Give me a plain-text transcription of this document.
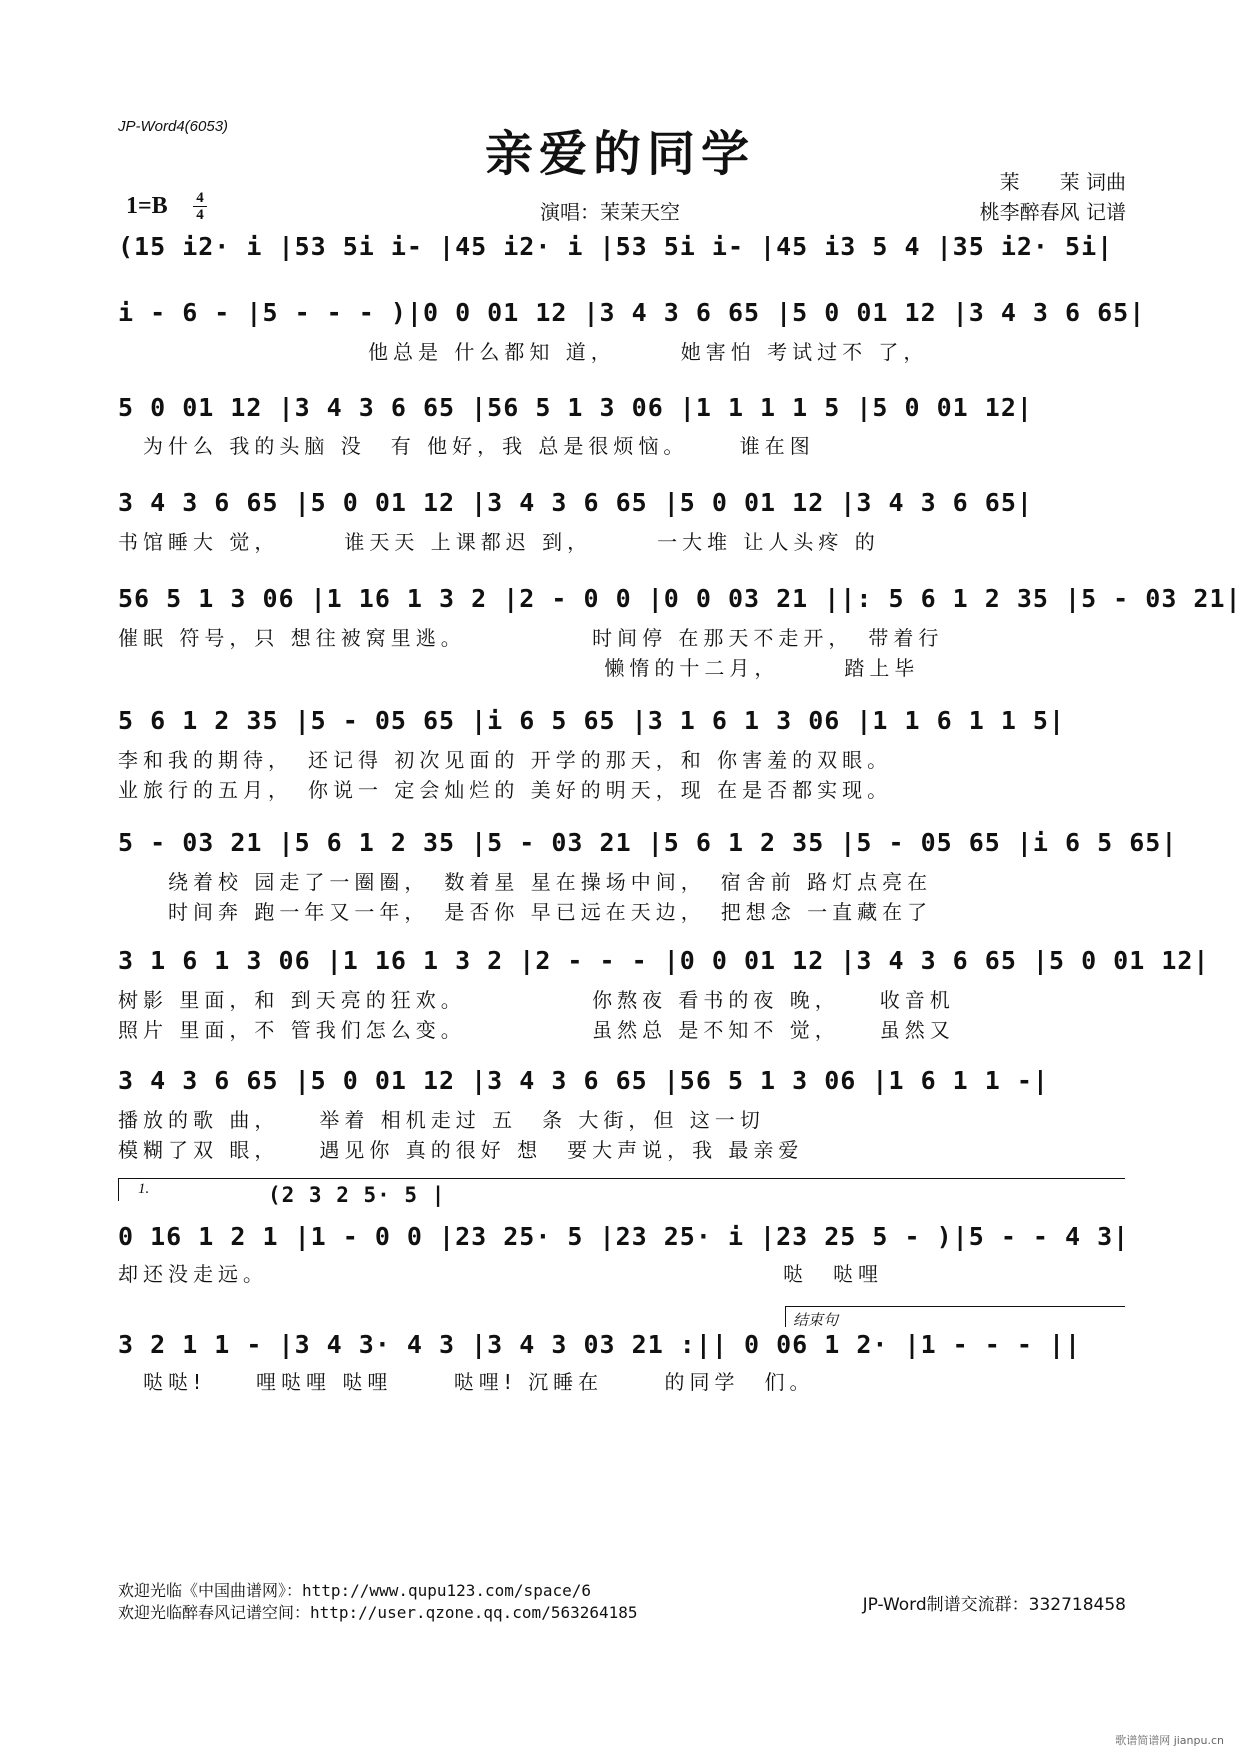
JP-Word4(6053)	亲爱的同学
1=B 4
4	演唱：茉茉天空
茉　　茉 词曲
桃李醉春风 记谱
(15 i2· i |53 5i i- |45 i2· i |53 5i i- |45 i3 5 4 |35 i2· 5i|
i - 6 - |5 - - - )|0 0 01 12 |3 4 3 6 65 |5 0 01 12 |3 4 3 6 65|
　　　　　　　　　　他总是 什么都知 道，　　　她害怕 考试过不 了，
5 0 01 12 |3 4 3 6 65 |56 5 1 3 06 |1 1 1 1 5 |5 0 01 12|
　为什么 我的头脑 没　有 他好，我 总是很烦恼。　　 谁在图
3 4 3 6 65 |5 0 01 12 |3 4 3 6 65 |5 0 01 12 |3 4 3 6 65|
书馆睡大 觉，　　　谁天天 上课都迟 到，　　　一大堆 让人头疼 的
56 5 1 3 06 |1 16 1 3 2 |2 - 0 0 |0 0 03 21 ||: 5 6 1 2 35 |5 - 03 21|
催眠 符号，只 想往被窝里逃。　　　　　 时间停 在那天不走开，　带着行
　　　　　　　　　　　　　　　　　　　 懒惰的十二月，　　　踏上毕
5 6 1 2 35 |5 - 05 65 |i 6 5 65 |3 1 6 1 3 06 |1 1 6 1 1 5|
李和我的期待，　还记得 初次见面的 开学的那天，和 你害羞的双眼。
业旅行的五月，　你说一 定会灿烂的 美好的明天，现 在是否都实现。
5 - 03 21 |5 6 1 2 35 |5 - 03 21 |5 6 1 2 35 |5 - 05 65 |i 6 5 65|
　　绕着校 园走了一圈圈，　数着星 星在操场中间，　宿舍前 路灯点亮在
　　时间奔 跑一年又一年，　是否你 早已远在天边，　把想念 一直藏在了
3 1 6 1 3 06 |1 16 1 3 2 |2 - - - |0 0 01 12 |3 4 3 6 65 |5 0 01 12|
树影 里面，和 到天亮的狂欢。　　　　　 你熬夜 看书的夜 晚，　　收音机
照片 里面，不 管我们怎么变。　　　　　 虽然总 是不知不 觉，　　虽然又
3 4 3 6 65 |5 0 01 12 |3 4 3 6 65 |56 5 1 3 06 |1 6 1 1 -|
播放的歌 曲，　　举着 相机走过 五　条 大街，但 这一切
模糊了双 眼，　　遇见你 真的很好 想　要大声说，我 最亲爱
1.	(2 3 2 5· 5 |
0 16 1 2 1 |1 - 0 0 |23 25· 5 |23 25· i |23 25 5 - )|5 - - 4 3|
却还没走远。　　　　　　　　　　　　　　　　　　　　　哒　哒哩
结束句
3 2 1 1 - |3 4 3· 4 3 |3 4 3 03 21 :|| 0 06 1 2· |1 - - - ||
　哒哒!　　哩哒哩 哒哩　　 哒哩! 沉睡在　　 的同学　们。
欢迎光临《中国曲谱网》：http://www.qupu123.com/space/6
欢迎光临醉春风记谱空间：http://user.qzone.qq.com/563264185	JP-Word制谱交流群：332718458
歌谱简谱网 jianpu.cn
